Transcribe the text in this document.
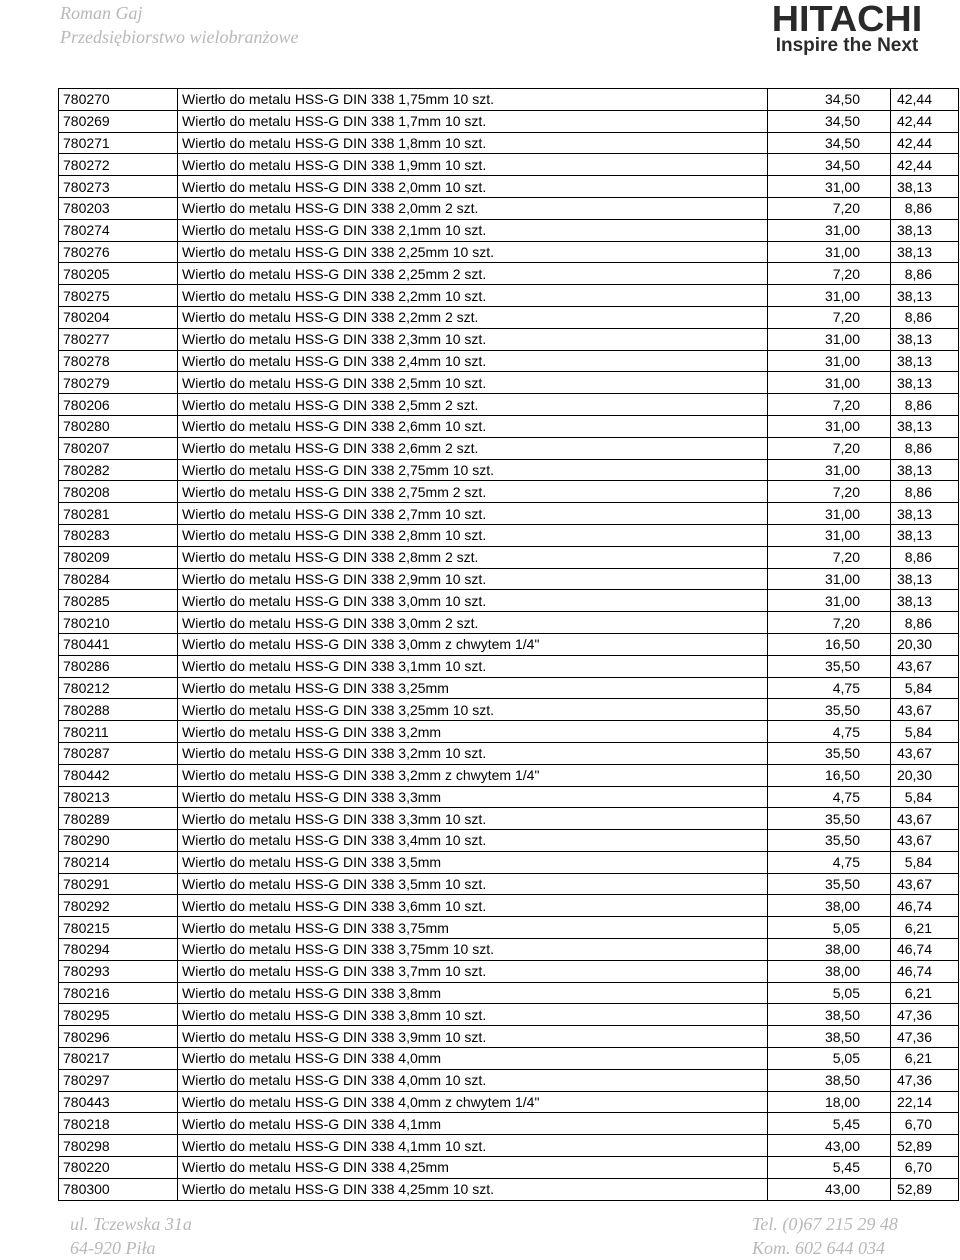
Roman Gaj
Przedsiębiorstwo wielobranżowe	HITACHI
Inspire the Next
780270	Wiertło do metalu HSS-G DIN 338 1,75mm 10 szt.	34,50	42,44
780269	Wiertło do metalu HSS-G DIN 338 1,7mm 10 szt.	34,50	42,44
780271	Wiertło do metalu HSS-G DIN 338 1,8mm 10 szt.	34,50	42,44
780272	Wiertło do metalu HSS-G DIN 338 1,9mm 10 szt.	34,50	42,44
780273	Wiertło do metalu HSS-G DIN 338 2,0mm 10 szt.	31,00	38,13
780203	Wiertło do metalu HSS-G DIN 338 2,0mm 2 szt.	7,20	8,86
780274	Wiertło do metalu HSS-G DIN 338 2,1mm 10 szt.	31,00	38,13
780276	Wiertło do metalu HSS-G DIN 338 2,25mm 10 szt.	31,00	38,13
780205	Wiertło do metalu HSS-G DIN 338 2,25mm 2 szt.	7,20	8,86
780275	Wiertło do metalu HSS-G DIN 338 2,2mm 10 szt.	31,00	38,13
780204	Wiertło do metalu HSS-G DIN 338 2,2mm 2 szt.	7,20	8,86
780277	Wiertło do metalu HSS-G DIN 338 2,3mm 10 szt.	31,00	38,13
780278	Wiertło do metalu HSS-G DIN 338 2,4mm 10 szt.	31,00	38,13
780279	Wiertło do metalu HSS-G DIN 338 2,5mm 10 szt.	31,00	38,13
780206	Wiertło do metalu HSS-G DIN 338 2,5mm 2 szt.	7,20	8,86
780280	Wiertło do metalu HSS-G DIN 338 2,6mm 10 szt.	31,00	38,13
780207	Wiertło do metalu HSS-G DIN 338 2,6mm 2 szt.	7,20	8,86
780282	Wiertło do metalu HSS-G DIN 338 2,75mm 10 szt.	31,00	38,13
780208	Wiertło do metalu HSS-G DIN 338 2,75mm 2 szt.	7,20	8,86
780281	Wiertło do metalu HSS-G DIN 338 2,7mm 10 szt.	31,00	38,13
780283	Wiertło do metalu HSS-G DIN 338 2,8mm 10 szt.	31,00	38,13
780209	Wiertło do metalu HSS-G DIN 338 2,8mm 2 szt.	7,20	8,86
780284	Wiertło do metalu HSS-G DIN 338 2,9mm 10 szt.	31,00	38,13
780285	Wiertło do metalu HSS-G DIN 338 3,0mm 10 szt.	31,00	38,13
780210	Wiertło do metalu HSS-G DIN 338 3,0mm 2 szt.	7,20	8,86
780441	Wiertło do metalu HSS-G DIN 338 3,0mm z chwytem 1/4"	16,50	20,30
780286	Wiertło do metalu HSS-G DIN 338 3,1mm 10 szt.	35,50	43,67
780212	Wiertło do metalu HSS-G DIN 338 3,25mm	4,75	5,84
780288	Wiertło do metalu HSS-G DIN 338 3,25mm 10 szt.	35,50	43,67
780211	Wiertło do metalu HSS-G DIN 338 3,2mm	4,75	5,84
780287	Wiertło do metalu HSS-G DIN 338 3,2mm 10 szt.	35,50	43,67
780442	Wiertło do metalu HSS-G DIN 338 3,2mm z chwytem 1/4"	16,50	20,30
780213	Wiertło do metalu HSS-G DIN 338 3,3mm	4,75	5,84
780289	Wiertło do metalu HSS-G DIN 338 3,3mm 10 szt.	35,50	43,67
780290	Wiertło do metalu HSS-G DIN 338 3,4mm 10 szt.	35,50	43,67
780214	Wiertło do metalu HSS-G DIN 338 3,5mm	4,75	5,84
780291	Wiertło do metalu HSS-G DIN 338 3,5mm 10 szt.	35,50	43,67
780292	Wiertło do metalu HSS-G DIN 338 3,6mm 10 szt.	38,00	46,74
780215	Wiertło do metalu HSS-G DIN 338 3,75mm	5,05	6,21
780294	Wiertło do metalu HSS-G DIN 338 3,75mm 10 szt.	38,00	46,74
780293	Wiertło do metalu HSS-G DIN 338 3,7mm 10 szt.	38,00	46,74
780216	Wiertło do metalu HSS-G DIN 338 3,8mm	5,05	6,21
780295	Wiertło do metalu HSS-G DIN 338 3,8mm 10 szt.	38,50	47,36
780296	Wiertło do metalu HSS-G DIN 338 3,9mm 10 szt.	38,50	47,36
780217	Wiertło do metalu HSS-G DIN 338 4,0mm	5,05	6,21
780297	Wiertło do metalu HSS-G DIN 338 4,0mm 10 szt.	38,50	47,36
780443	Wiertło do metalu HSS-G DIN 338 4,0mm z chwytem 1/4"	18,00	22,14
780218	Wiertło do metalu HSS-G DIN 338 4,1mm	5,45	6,70
780298	Wiertło do metalu HSS-G DIN 338 4,1mm 10 szt.	43,00	52,89
780220	Wiertło do metalu HSS-G DIN 338 4,25mm	5,45	6,70
780300	Wiertło do metalu HSS-G DIN 338 4,25mm 10 szt.	43,00	52,89
ul. Tczewska 31a
64-920 Piła
Tel. (0)67 215 29 48
Kom. 602 644 034
